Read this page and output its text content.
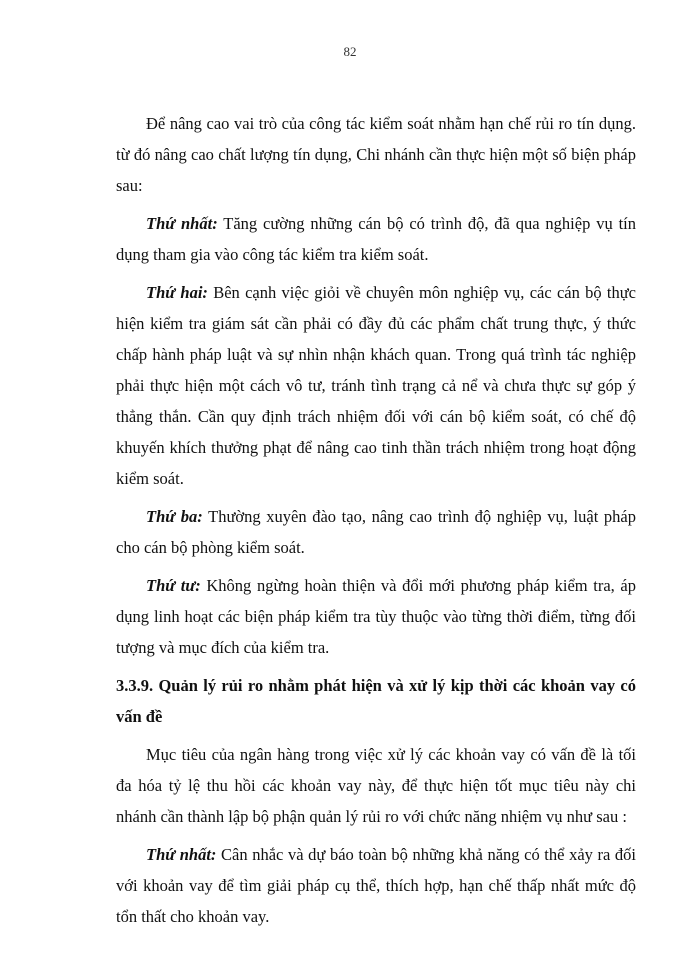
82

Để nâng cao vai trò của công tác kiểm soát nhằm hạn chế rủi ro tín dụng. từ đó nâng cao chất lượng tín dụng, Chi nhánh cần thực hiện một số biện pháp sau:

Thứ nhất: Tăng cường những cán bộ có trình độ, đã qua nghiệp vụ tín dụng tham gia vào công tác kiểm tra kiểm soát.

Thứ hai: Bên cạnh việc giỏi về chuyên môn nghiệp vụ, các cán bộ thực hiện kiểm tra giám sát cần phải có đầy đủ các phẩm chất trung thực, ý thức chấp hành pháp luật và sự nhìn nhận khách quan. Trong quá trình tác nghiệp phải thực hiện một cách vô tư, tránh tình trạng cả nể và chưa thực sự góp ý thẳng thắn. Cần quy định trách nhiệm đối với cán bộ kiểm soát, có chế độ khuyến khích thưởng phạt để nâng cao tinh thần trách nhiệm trong hoạt động kiểm soát.

Thứ ba: Thường xuyên đào tạo, nâng cao trình độ nghiệp vụ, luật pháp cho cán bộ phòng kiểm soát.

Thứ tư: Không ngừng hoàn thiện và đổi mới phương pháp kiểm tra, áp dụng linh hoạt các biện pháp kiểm tra tùy thuộc vào từng thời điểm, từng đối tượng và mục đích của kiểm tra.

3.3.9. Quản lý rủi ro nhằm phát hiện và xử lý kịp thời các khoản vay có vấn đề

Mục tiêu của ngân hàng trong việc xử lý các khoản vay có vấn đề là tối đa hóa tỷ lệ thu hồi các khoản vay này, để thực hiện tốt mục tiêu này chi nhánh cần thành lập bộ phận quản lý rủi ro với chức năng nhiệm vụ như sau :

Thứ nhất: Cân nhắc và dự báo toàn bộ những khả năng có thể xảy ra đối với khoản vay để tìm giải pháp cụ thể, thích hợp, hạn chế thấp nhất mức độ tổn thất cho khoản vay.
